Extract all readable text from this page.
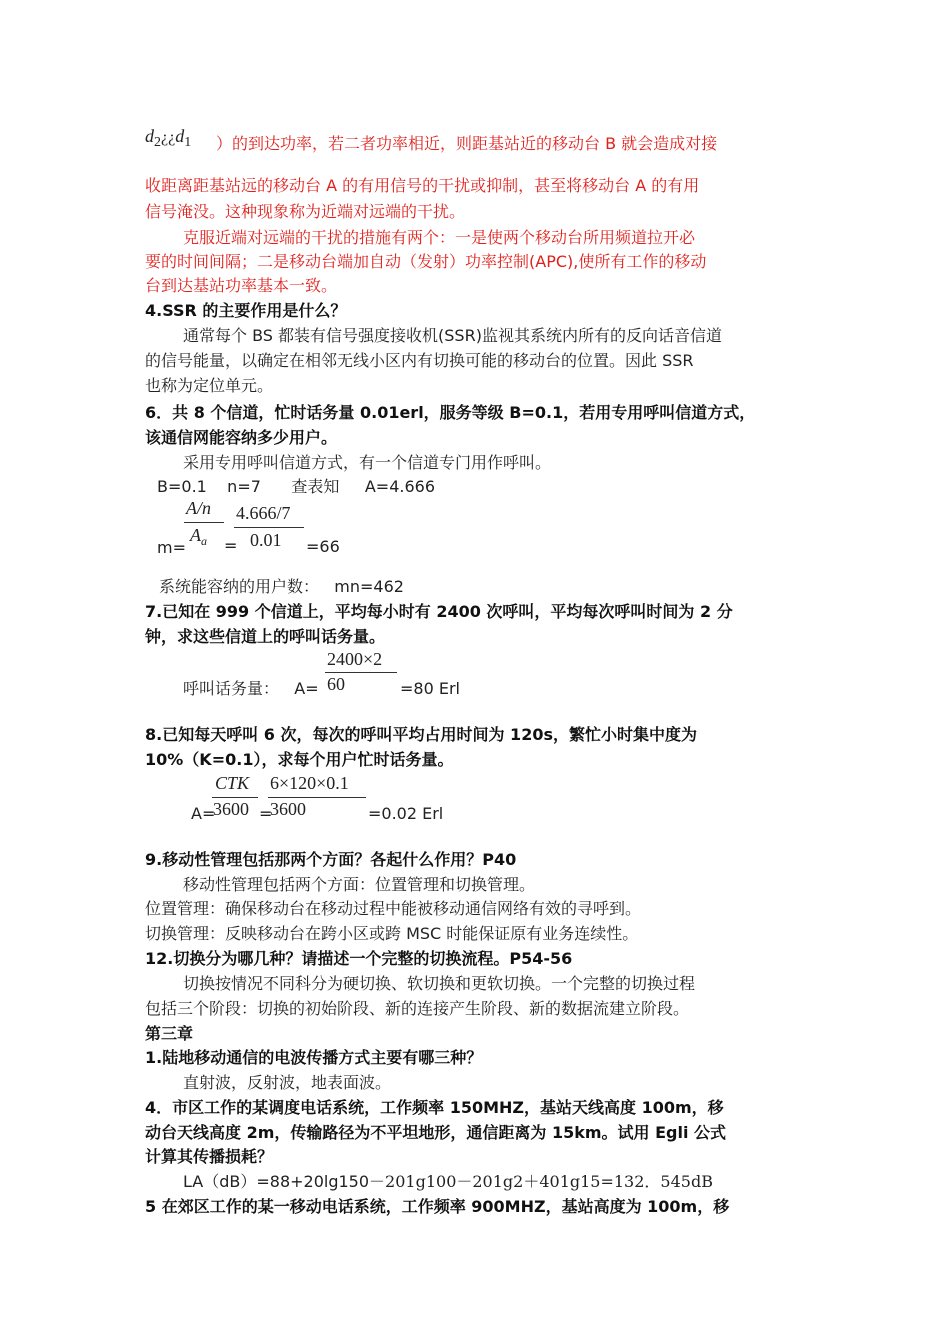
$d_2¿¿d_1$ ）的到达功率，若二者功率相近，则距基站近的移动台 B 就会造成对接
收距离距基站远的移动台 A 的有用信号的干扰或抑制，甚至将移动台 A 的有用
信号淹没。这种现象称为近端对远端的干扰。
克服近端对远端的干扰的措施有两个：一是使两个移动台所用频道拉开必
要的时间间隔；二是移动台端加自动（发射）功率控制(APC),使所有工作的移动
台到达基站功率基本一致。
4.SSR 的主要作用是什么？
通常每个 BS 都装有信号强度接收机(SSR)监视其系统内所有的反向话音信道
的信号能量，以确定在相邻无线小区内有切换可能的移动台的位置。因此 SSR
也称为定位单元。
6．共 8 个信道，忙时话务量 0.01erl，服务等级 B=0.1，若用专用呼叫信道方式，
该通信网能容纳多少用户。
采用专用呼叫信道方式，有一个信道专门用作呼叫。
B=0.1    n=7      查表知     A=4.666
A/n
$A_a$
4.666/7
0.01
m= =	=66
系统能容纳的用户数：   mn=462
7.已知在 999 个信道上，平均每小时有 2400 次呼叫，平均每次呼叫时间为 2 分
钟，求这些信道上的呼叫话务量。
2400×2
60
呼叫话务量：   A=	=80 Erl
8.已知每天呼叫 6 次，每次的呼叫平均占用时间为 120s，繁忙小时集中度为
10%（K=0.1），求每个用户忙时话务量。
CTK
3600
6×120×0.1
3600
A=	=	=0.02 Erl
9.移动性管理包括那两个方面？各起什么作用？P40
移动性管理包括两个方面：位置管理和切换管理。
位置管理：确保移动台在移动过程中能被移动通信网络有效的寻呼到。
切换管理：反映移动台在跨小区或跨 MSC 时能保证原有业务连续性。
12.切换分为哪几种？请描述一个完整的切换流程。P54-56
切换按情况不同科分为硬切换、软切换和更软切换。一个完整的切换过程
包括三个阶段：切换的初始阶段、新的连接产生阶段、新的数据流建立阶段。
第三章
1.陆地移动通信的电波传播方式主要有哪三种？
直射波，反射波，地表面波。
4．市区工作的某调度电话系统，工作频率 150MHZ，基站天线高度 100m，移
动台天线高度 2m，传输路径为不平坦地形，通信距离为 15km。试用 Egli 公式
计算其传播损耗？
LA（dB）=88+20lg150－201g100－201g2＋401g15=132．545dB
5 在郊区工作的某一移动电话系统，工作频率 900MHZ，基站高度为 100m，移
